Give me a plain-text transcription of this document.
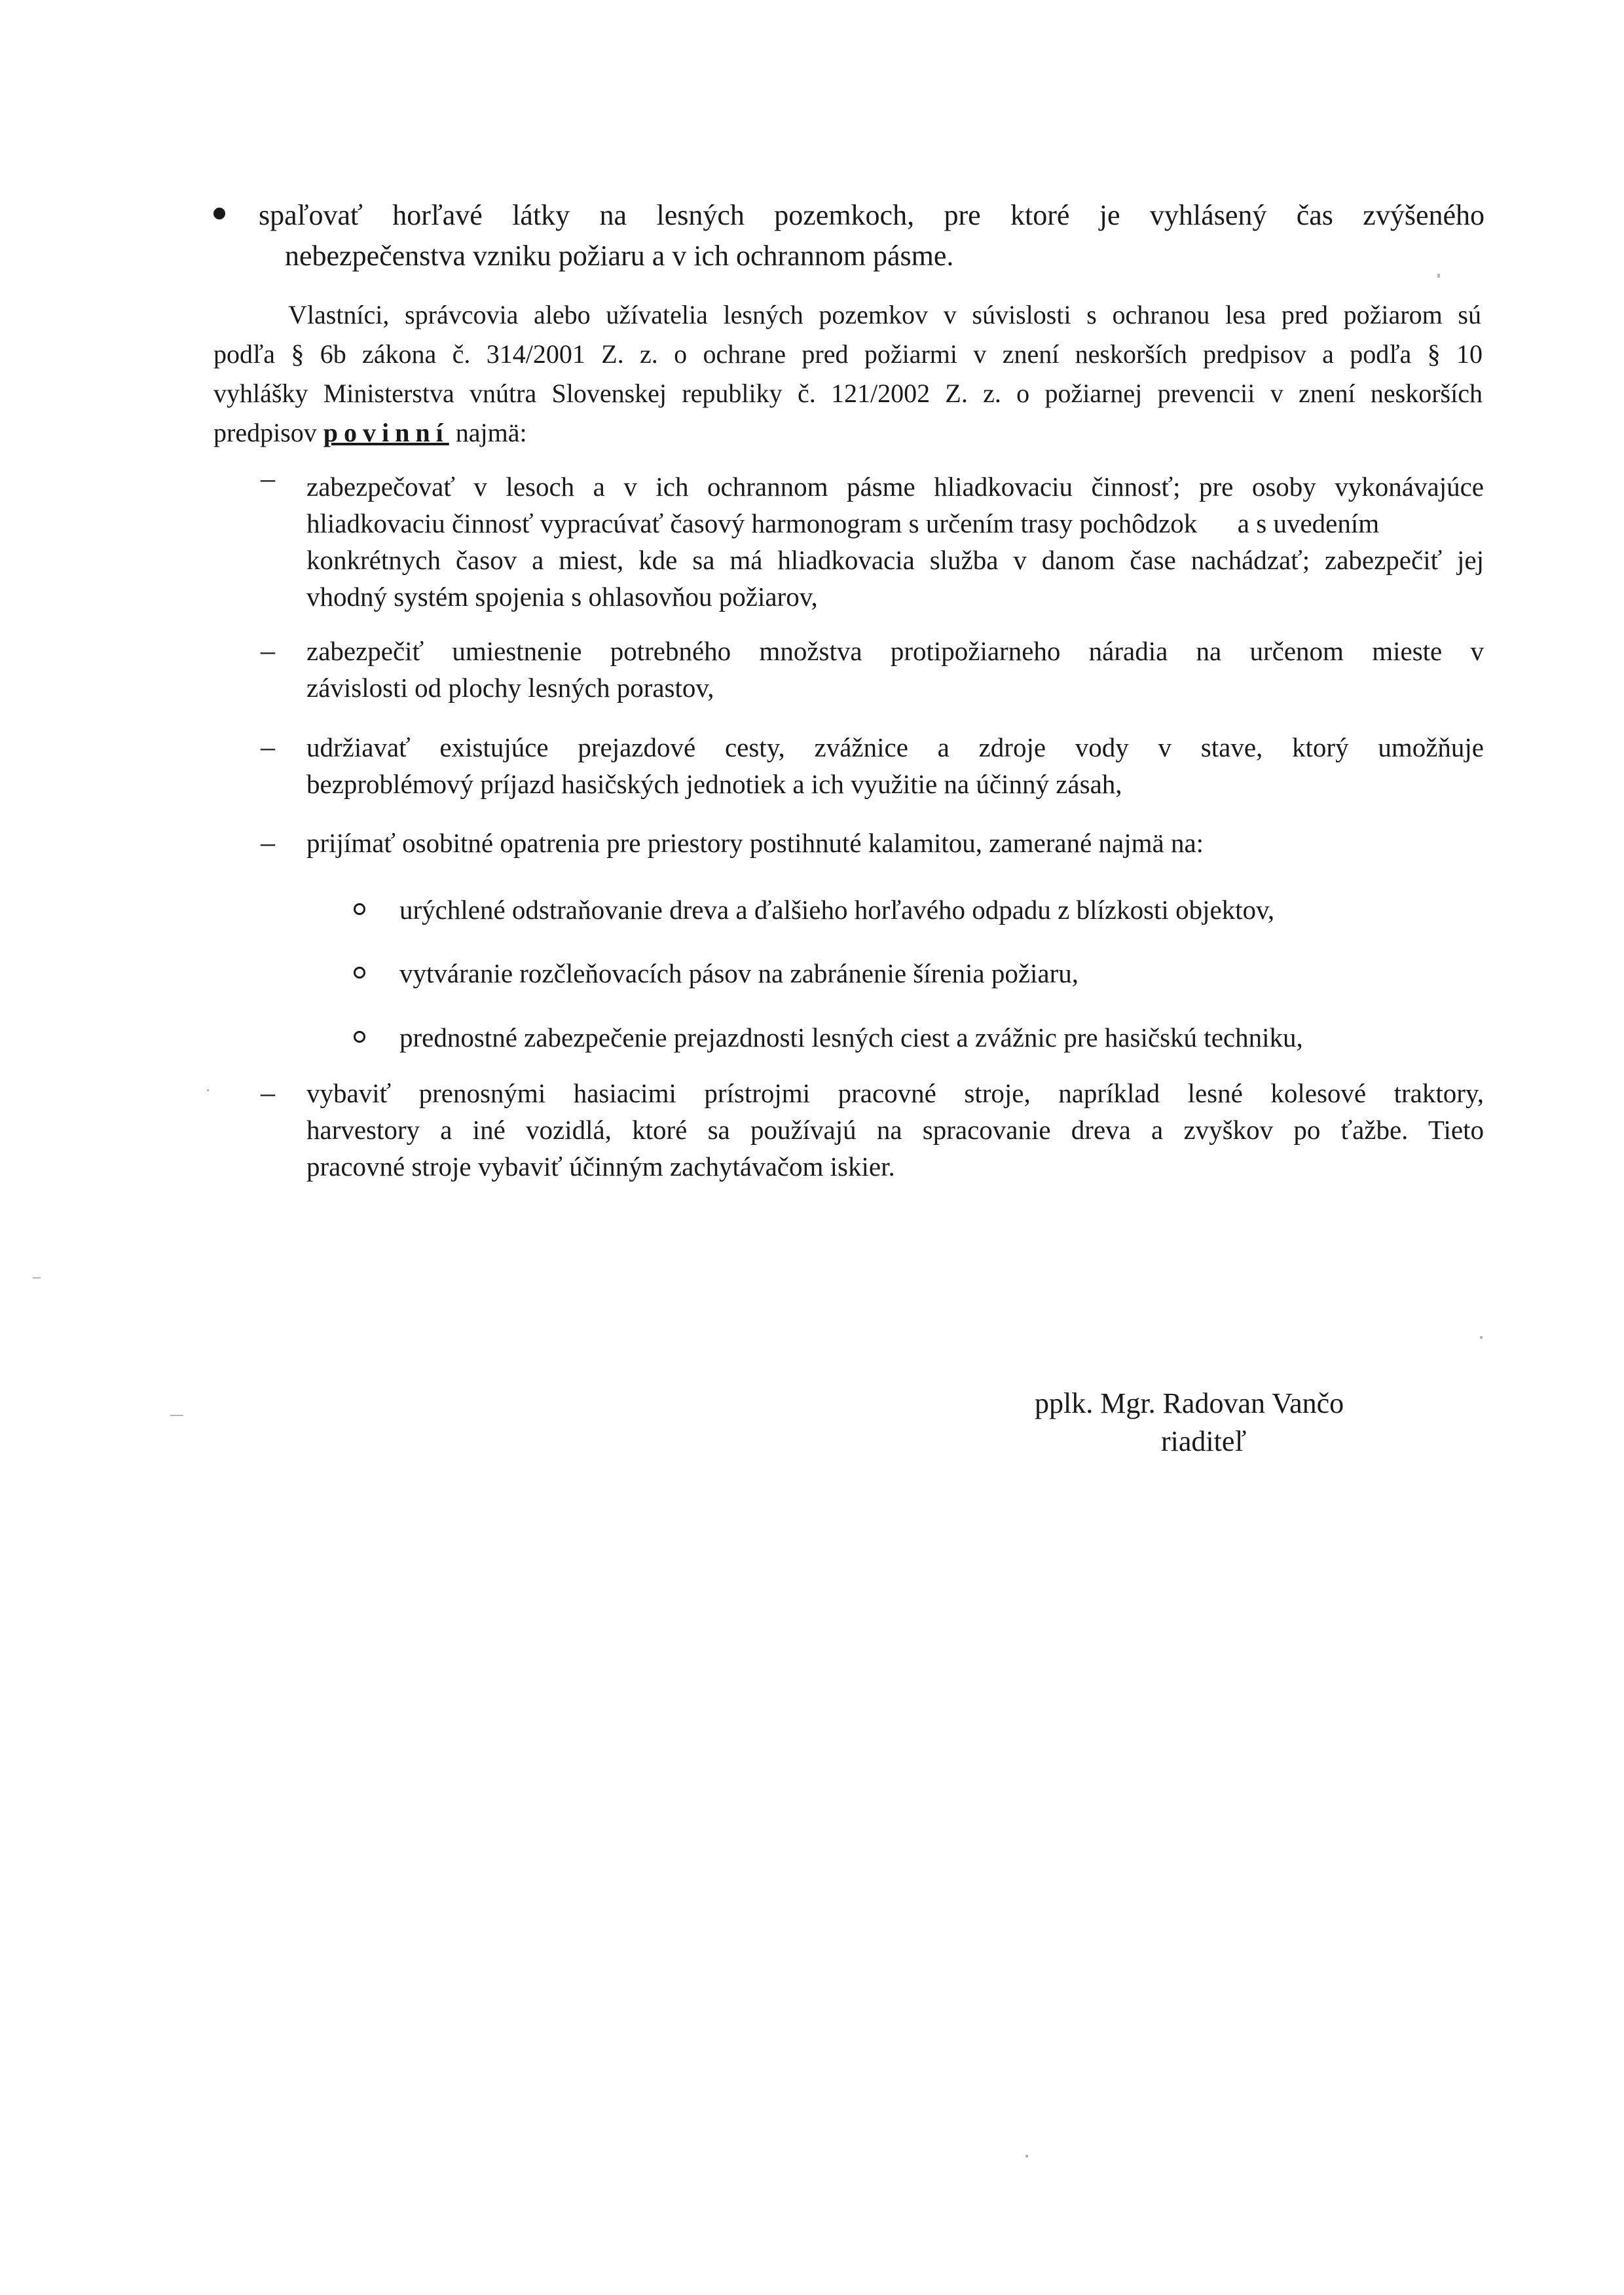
spaľovať horľavé látky na lesných pozemkoch, pre ktoré je vyhlásený čas zvýšeného
nebezpečenstva vzniku požiaru a v ich ochrannom pásme.
Vlastníci, správcovia alebo užívatelia lesných pozemkov v súvislosti s ochranou lesa pred požiarom sú
podľa § 6b zákona č. 314/2001 Z. z. o ochrane pred požiarmi v znení neskorších predpisov a podľa § 10
vyhlášky Ministerstva vnútra Slovenskej republiky č. 121/2002 Z. z. o požiarnej prevencii v znení neskorších
predpisov povinní najmä:
– zabezpečovať v lesoch a v ich ochrannom pásme hliadkovaciu činnosť; pre osoby vykonávajúce
hliadkovaciu činnosť vypracúvať časový harmonogram s určením trasy pochôdzok      a s uvedením
konkrétnych časov a miest, kde sa má hliadkovacia služba v danom čase nachádzať; zabezpečiť jej
vhodný systém spojenia s ohlasovňou požiarov,
– zabezpečiť umiestnenie potrebného množstva protipožiarneho náradia na určenom mieste v
závislosti od plochy lesných porastov,
– udržiavať existujúce prejazdové cesty, zvážnice a zdroje vody v stave, ktorý umožňuje
bezproblémový príjazd hasičských jednotiek a ich využitie na účinný zásah,
– prijímať osobitné opatrenia pre priestory postihnuté kalamitou, zamerané najmä na:
urýchlené odstraňovanie dreva a ďalšieho horľavého odpadu z blízkosti objektov,
vytváranie rozčleňovacích pásov na zabránenie šírenia požiaru,
prednostné zabezpečenie prejazdnosti lesných ciest a zvážnic pre hasičskú techniku,
– vybaviť prenosnými hasiacimi prístrojmi pracovné stroje, napríklad lesné kolesové traktory,
harvestory a iné vozidlá, ktoré sa používajú na spracovanie dreva a zvyškov po ťažbe. Tieto
pracovné stroje vybaviť účinným zachytávačom iskier.
pplk. Mgr. Radovan Vančo
riaditeľ
